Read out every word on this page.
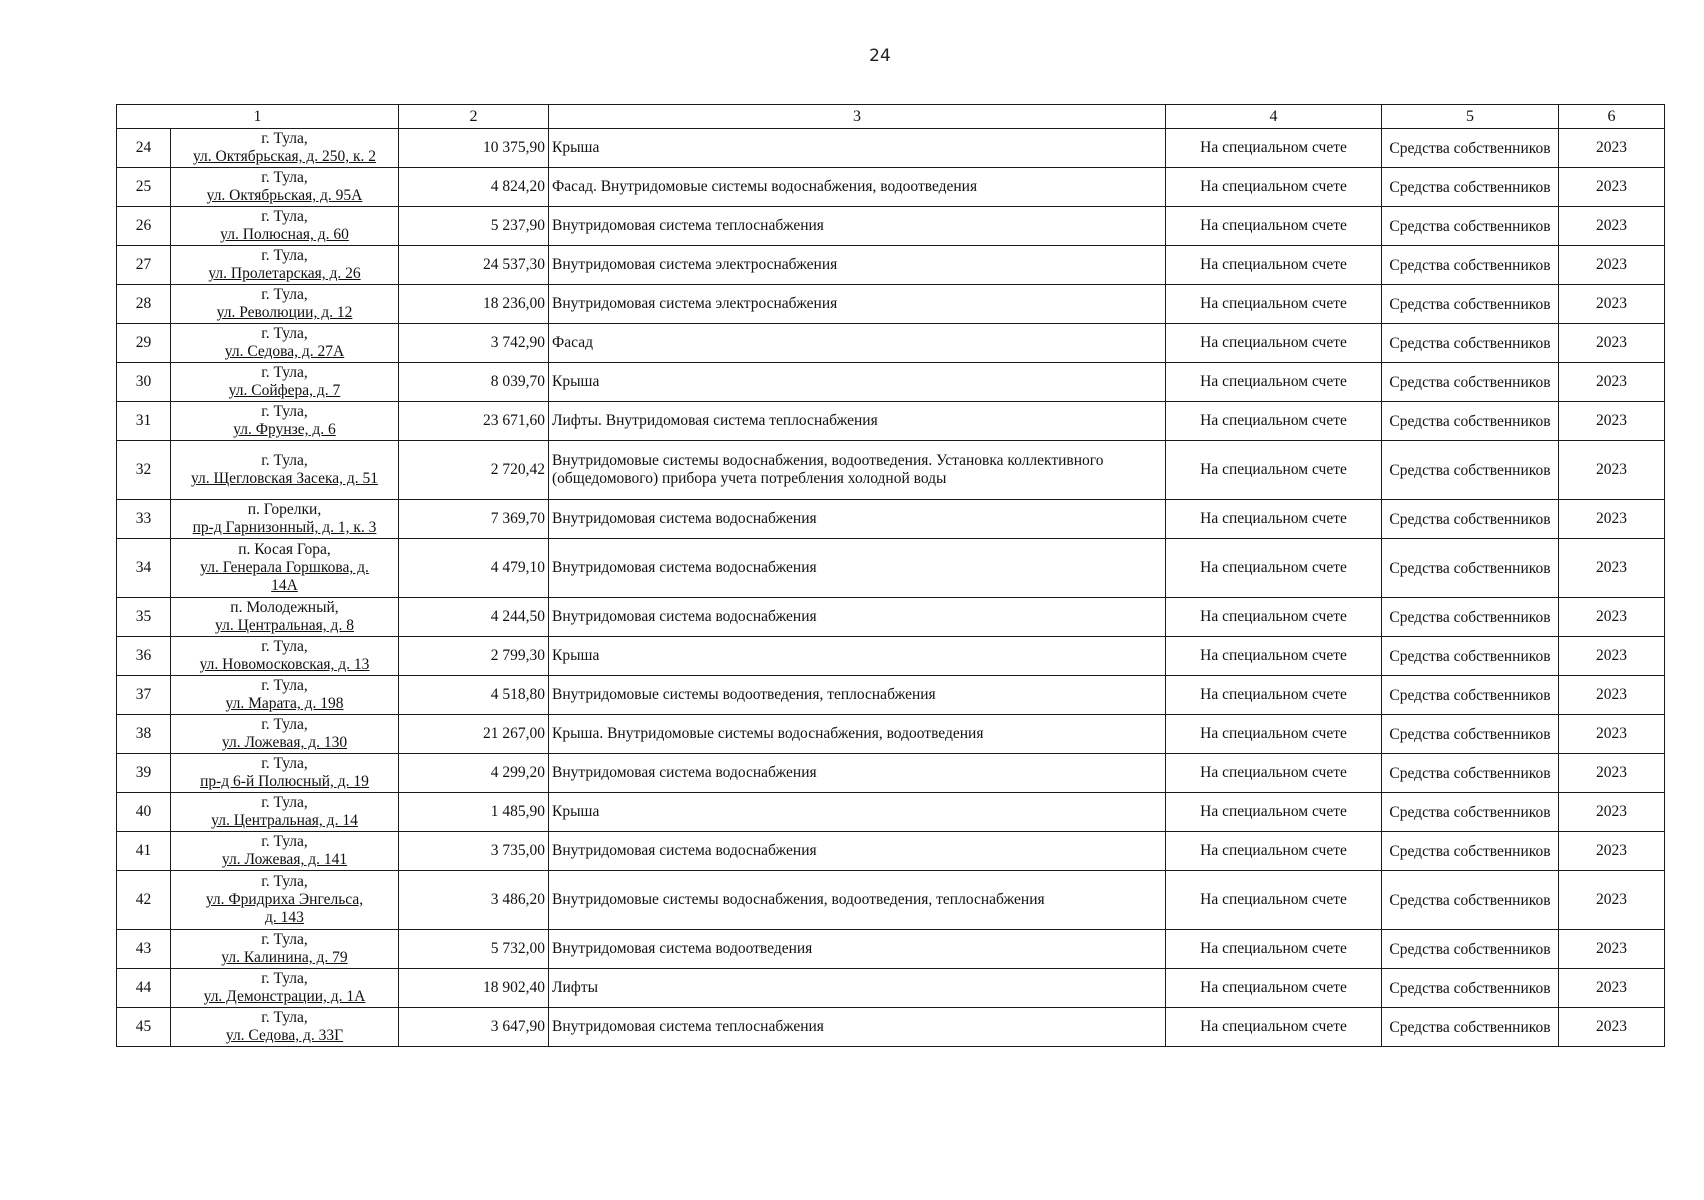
24
1		2	3	4	5	6
24	г. Тула,
ул. Октябрьская, д. 250, к. 2	10 375,90	Крыша	На специальном счете	Средства собственников	2023
25	г. Тула,
ул. Октябрьская, д. 95А	4 824,20	Фасад. Внутридомовые системы водоснабжения, водоотведения	На специальном счете	Средства собственников	2023
26	г. Тула,
ул. Полюсная, д. 60	5 237,90	Внутридомовая система теплоснабжения	На специальном счете	Средства собственников	2023
27	г. Тула,
ул. Пролетарская, д. 26	24 537,30	Внутридомовая система электроснабжения	На специальном счете	Средства собственников	2023
28	г. Тула,
ул. Революции, д. 12	18 236,00	Внутридомовая система электроснабжения	На специальном счете	Средства собственников	2023
29	г. Тула,
ул. Седова, д. 27А	3 742,90	Фасад	На специальном счете	Средства собственников	2023
30	г. Тула,
ул. Сойфера, д. 7	8 039,70	Крыша	На специальном счете	Средства собственников	2023
31	г. Тула,
ул. Фрунзе, д. 6	23 671,60	Лифты. Внутридомовая система теплоснабжения	На специальном счете	Средства собственников	2023
32	г. Тула,
ул. Щегловская Засека, д. 51	2 720,42	Внутридомовые системы водоснабжения, водоотведения. Установка коллективного (общедомового) прибора учета потребления холодной воды	На специальном счете	Средства собственников	2023
33	п. Горелки,
пр-д Гарнизонный, д. 1, к. 3	7 369,70	Внутридомовая система водоснабжения	На специальном счете	Средства собственников	2023
34	п. Косая Гора,
ул. Генерала Горшкова, д.
14А	4 479,10	Внутридомовая система водоснабжения	На специальном счете	Средства собственников	2023
35	п. Молодежный,
ул. Центральная, д. 8	4 244,50	Внутридомовая система водоснабжения	На специальном счете	Средства собственников	2023
36	г. Тула,
ул. Новомосковская, д. 13	2 799,30	Крыша	На специальном счете	Средства собственников	2023
37	г. Тула,
ул. Марата, д. 198	4 518,80	Внутридомовые системы водоотведения, теплоснабжения	На специальном счете	Средства собственников	2023
38	г. Тула,
ул. Ложевая, д. 130	21 267,00	Крыша. Внутридомовые системы водоснабжения, водоотведения	На специальном счете	Средства собственников	2023
39	г. Тула,
пр-д 6-й Полюсный, д. 19	4 299,20	Внутридомовая система водоснабжения	На специальном счете	Средства собственников	2023
40	г. Тула,
ул. Центральная, д. 14	1 485,90	Крыша	На специальном счете	Средства собственников	2023
41	г. Тула,
ул. Ложевая, д. 141	3 735,00	Внутридомовая система водоснабжения	На специальном счете	Средства собственников	2023
42	г. Тула,
ул. Фридриха Энгельса,
д. 143	3 486,20	Внутридомовые системы водоснабжения, водоотведения, теплоснабжения	На специальном счете	Средства собственников	2023
43	г. Тула,
ул. Калинина, д. 79	5 732,00	Внутридомовая система водоотведения	На специальном счете	Средства собственников	2023
44	г. Тула,
ул. Демонстрации, д. 1А	18 902,40	Лифты	На специальном счете	Средства собственников	2023
45	г. Тула,
ул. Седова, д. 33Г	3 647,90	Внутридомовая система теплоснабжения	На специальном счете	Средства собственников	2023
